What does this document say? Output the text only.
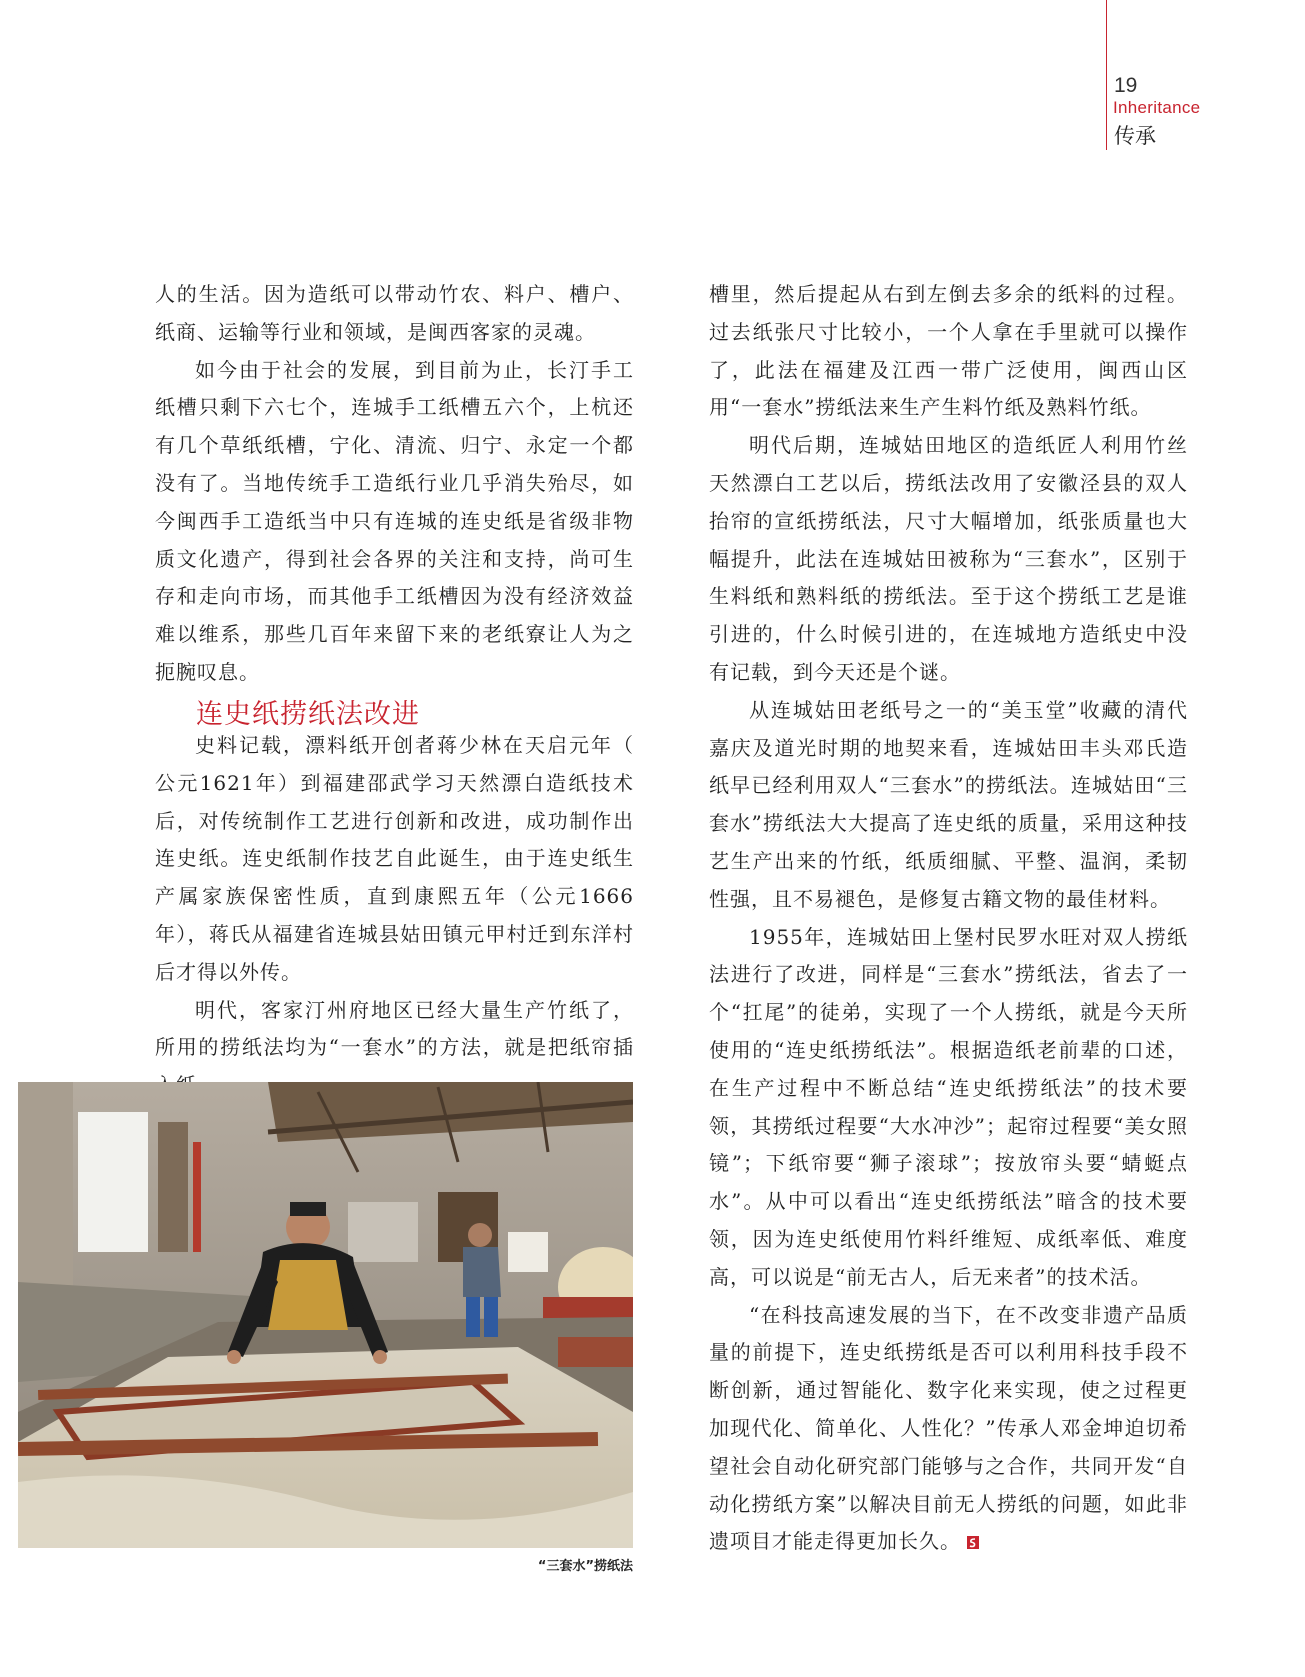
19
Inheritance
传承

人的生活。因为造纸可以带动竹农、料户、槽户、纸商、运输等行业和领域，是闽西客家的灵魂。

如今由于社会的发展，到目前为止，长汀手工纸槽只剩下六七个，连城手工纸槽五六个，上杭还有几个草纸纸槽，宁化、清流、归宁、永定一个都没有了。当地传统手工造纸行业几乎消失殆尽，如今闽西手工造纸当中只有连城的连史纸是省级非物质文化遗产，得到社会各界的关注和支持，尚可生存和走向市场，而其他手工纸槽因为没有经济效益难以维系，那些几百年来留下来的老纸寮让人为之扼腕叹息。

连史纸捞纸法改进

史料记载，漂料纸开创者蒋少林在天启元年（ 公元1621年）到福建邵武学习天然漂白造纸技术后，对传统制作工艺进行创新和改进，成功制作出连史纸。连史纸制作技艺自此诞生，由于连史纸生产属家族保密性质，直到康熙五年（公元1666年），蒋氏从福建省连城县姑田镇元甲村迁到东洋村后才得以外传。

明代，客家汀州府地区已经大量生产竹纸了，所用的捞纸法均为“一套水”的方法，就是把纸帘插

“三套水”捞纸法

槽里，然后提起从右到左倒去多余的纸料的过程。过去纸张尺寸比较小，一个人拿在手里就可以操作了，此法在福建及江西一带广泛使用，闽西山区用“一套水”捞纸法来生产生料竹纸及熟料竹纸。

明代后期，连城姑田地区的造纸匠人利用竹丝天然漂白工艺以后，捞纸法改用了安徽泾县的双人抬帘的宣纸捞纸法，尺寸大幅增加，纸张质量也大幅提升，此法在连城姑田被称为“三套水”，区别于生料纸和熟料纸的捞纸法。至于这个捞纸工艺是谁引进的，什么时候引进的，在连城地方造纸史中没有记载，到今天还是个谜。

从连城姑田老纸号之一的“美玉堂”收藏的清代嘉庆及道光时期的地契来看，连城姑田丰头邓氏造纸早已经利用双人“三套水”的捞纸法。连城姑田“三套水”捞纸法大大提高了连史纸的质量，采用这种技艺生产出来的竹纸，纸质细腻、平整、温润，柔韧性强，且不易褪色，是修复古籍文物的最佳材料。

1955年，连城姑田上堡村民罗水旺对双人捞纸法进行了改进，同样是“三套水”捞纸法，省去了一个“扛尾”的徒弟，实现了一个人捞纸，就是今天所使用的“连史纸捞纸法”。根据造纸老前辈的口述，在生产过程中不断总结“连史纸捞纸法”的技术要领，其捞纸过程要“大水冲沙”；起帘过程要“美女照镜”；下纸帘要“狮子滚球”；按放帘头要“蜻蜓点水”。从中可以看出“连史纸捞纸法”暗含的技术要领，因为连史纸使用竹料纤维短、成纸率低、难度高，可以说是“前无古人，后无来者”的技术活。

“在科技高速发展的当下，在不改变非遗产品质量的前提下，连史纸捞纸是否可以利用科技手段不断创新，通过智能化、数字化来实现，使之过程更加现代化、简单化、人性化？”传承人邓金坤迫切希望社会自动化研究部门能够与之合作，共同开发“自动化捞纸方案”以解决目前无人捞纸的问题，如此非遗项目才能走得更加长久。
